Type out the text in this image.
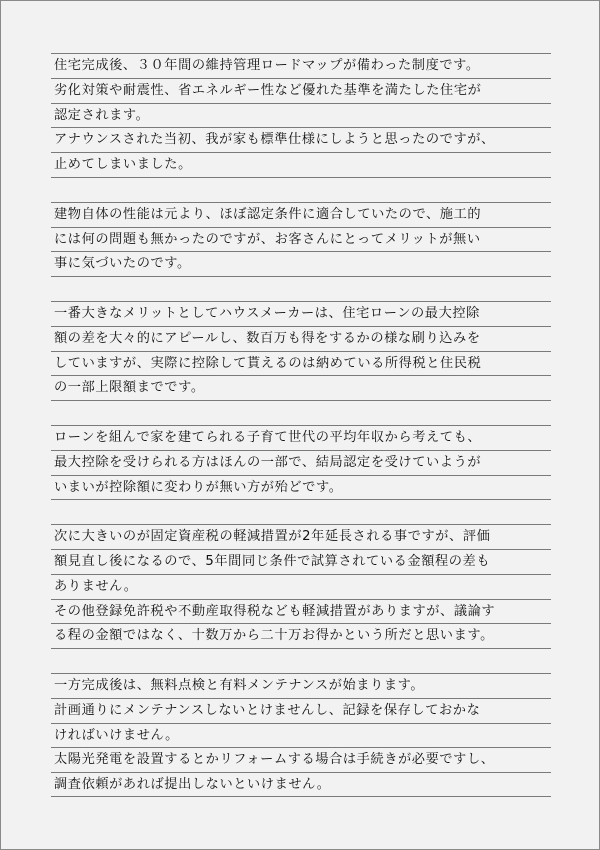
住宅完成後、３０年間の維持管理ロードマップが備わった制度です。
劣化対策や耐震性、省エネルギー性など優れた基準を満たした住宅が
認定されます。
アナウンスされた当初、我が家も標準仕様にしようと思ったのですが、
止めてしまいました。
建物自体の性能は元より、ほぼ認定条件に適合していたので、施工的
には何の問題も無かったのですが、お客さんにとってメリットが無い
事に気づいたのです。
一番大きなメリットとしてハウスメーカーは、住宅ローンの最大控除
額の差を大々的にアピールし、数百万も得をするかの様な刷り込みを
していますが、実際に控除して貰えるのは納めている所得税と住民税
の一部上限額までです。
ローンを組んで家を建てられる子育て世代の平均年収から考えても、
最大控除を受けられる方はほんの一部で、結局認定を受けていようが
いまいが控除額に変わりが無い方が殆どです。
次に大きいのが固定資産税の軽減措置が2年延長される事ですが、評価
額見直し後になるので、5年間同じ条件で試算されている金額程の差も
ありません。
その他登録免許税や不動産取得税なども軽減措置がありますが、議論す
る程の金額ではなく、十数万から二十万お得かという所だと思います。
一方完成後は、無料点検と有料メンテナンスが始まります。
計画通りにメンテナンスしないとけませんし、記録を保存しておかな
ければいけません。
太陽光発電を設置するとかリフォームする場合は手続きが必要ですし、
調査依頼があれば提出しないといけません。
